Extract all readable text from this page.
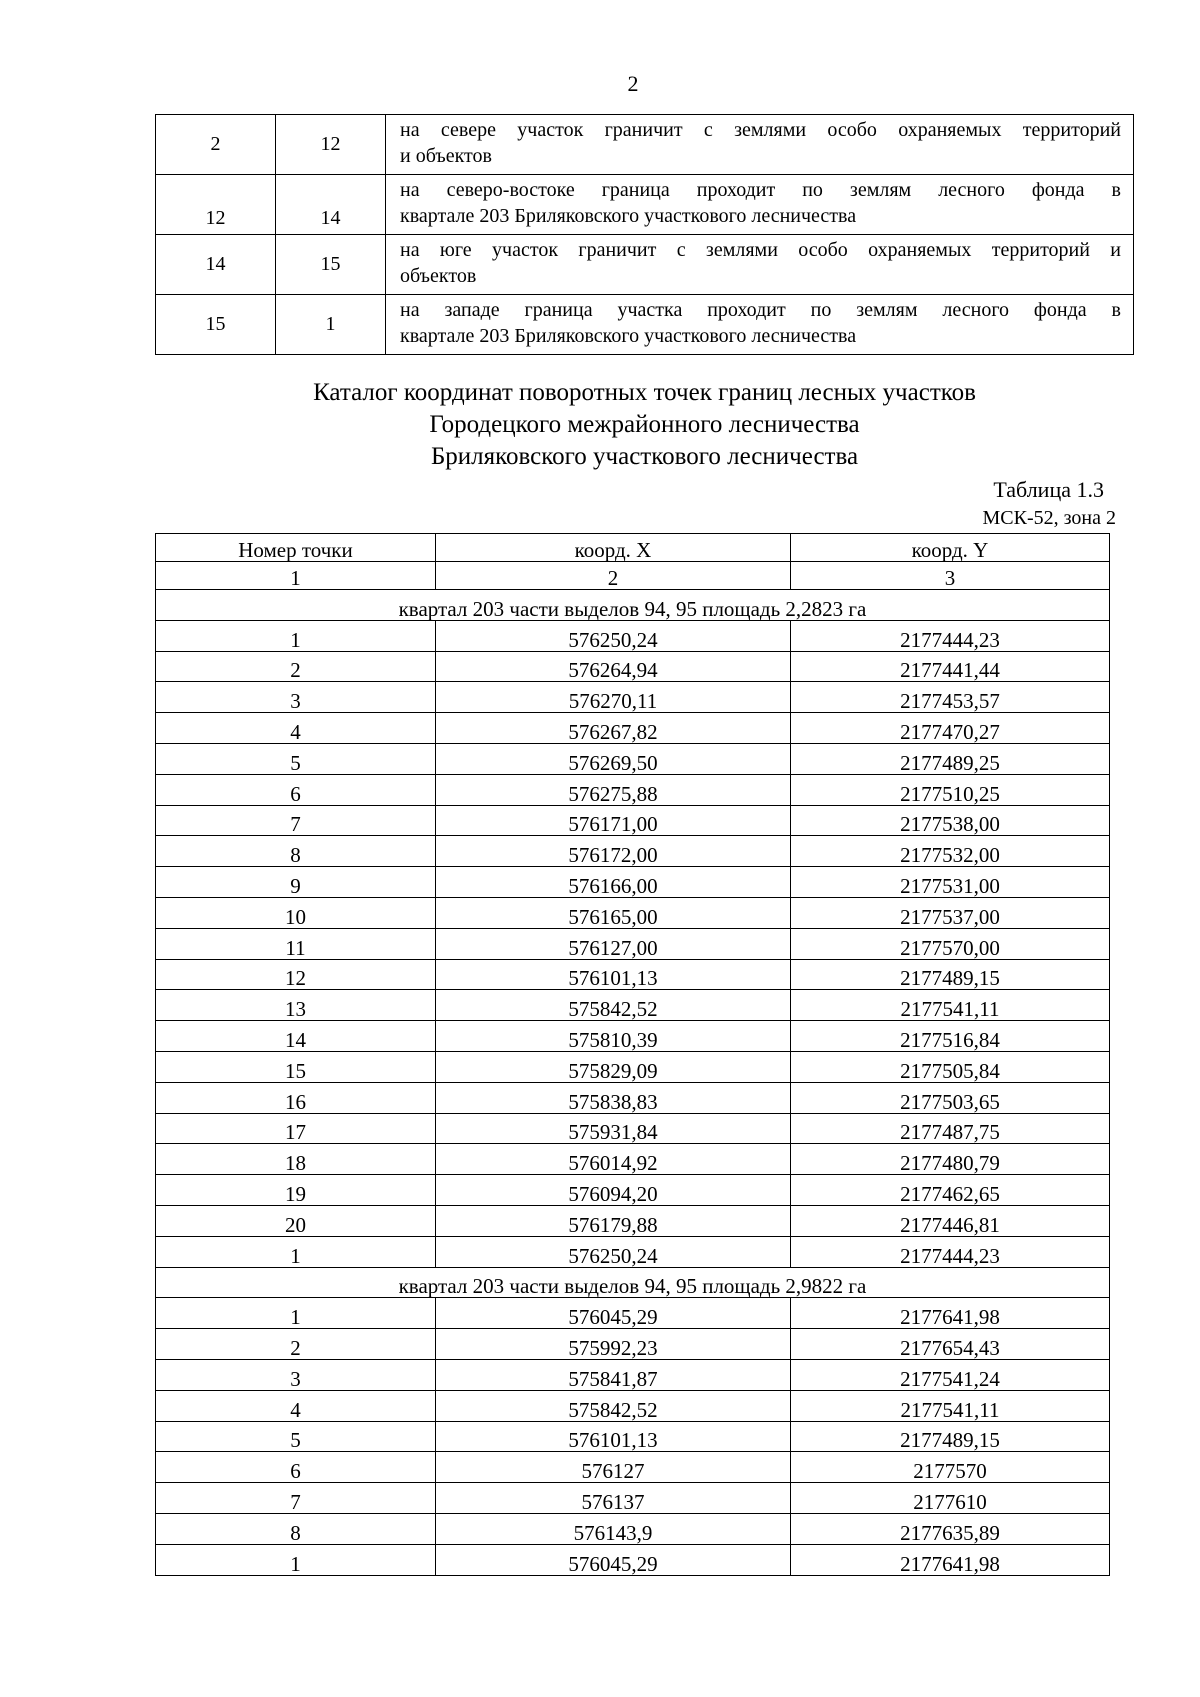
2
2	12	на севере участок граничит с землями особо охраняемых территорий
и объектов

12	14	на северо-востоке граница проходит по землям лесного фонда в
квартале 203 Бриляковского участкового лесничества

14	15	на юге участок граничит с землями особо охраняемых территорий и
объектов

15	1	на западе граница участка проходит по землям лесного фонда в
квартале 203 Бриляковского участкового лесничества
Каталог координат поворотных точек границ лесных участков
Городецкого межрайонного лесничества
Бриляковского участкового лесничества
Таблица 1.3
МСК-52, зона 2
Номер точки	коорд. X	коорд. Y
1	2	3
квартал 203 части выделов 94, 95 площадь 2,2823 га		
1	576250,24	2177444,23
2	576264,94	2177441,44
3	576270,11	2177453,57
4	576267,82	2177470,27
5	576269,50	2177489,25
6	576275,88	2177510,25
7	576171,00	2177538,00
8	576172,00	2177532,00
9	576166,00	2177531,00
10	576165,00	2177537,00
11	576127,00	2177570,00
12	576101,13	2177489,15
13	575842,52	2177541,11
14	575810,39	2177516,84
15	575829,09	2177505,84
16	575838,83	2177503,65
17	575931,84	2177487,75
18	576014,92	2177480,79
19	576094,20	2177462,65
20	576179,88	2177446,81
1	576250,24	2177444,23
квартал 203 части выделов 94, 95 площадь 2,9822 га		
1	576045,29	2177641,98
2	575992,23	2177654,43
3	575841,87	2177541,24
4	575842,52	2177541,11
5	576101,13	2177489,15
6	576127	2177570
7	576137	2177610
8	576143,9	2177635,89
1	576045,29	2177641,98
